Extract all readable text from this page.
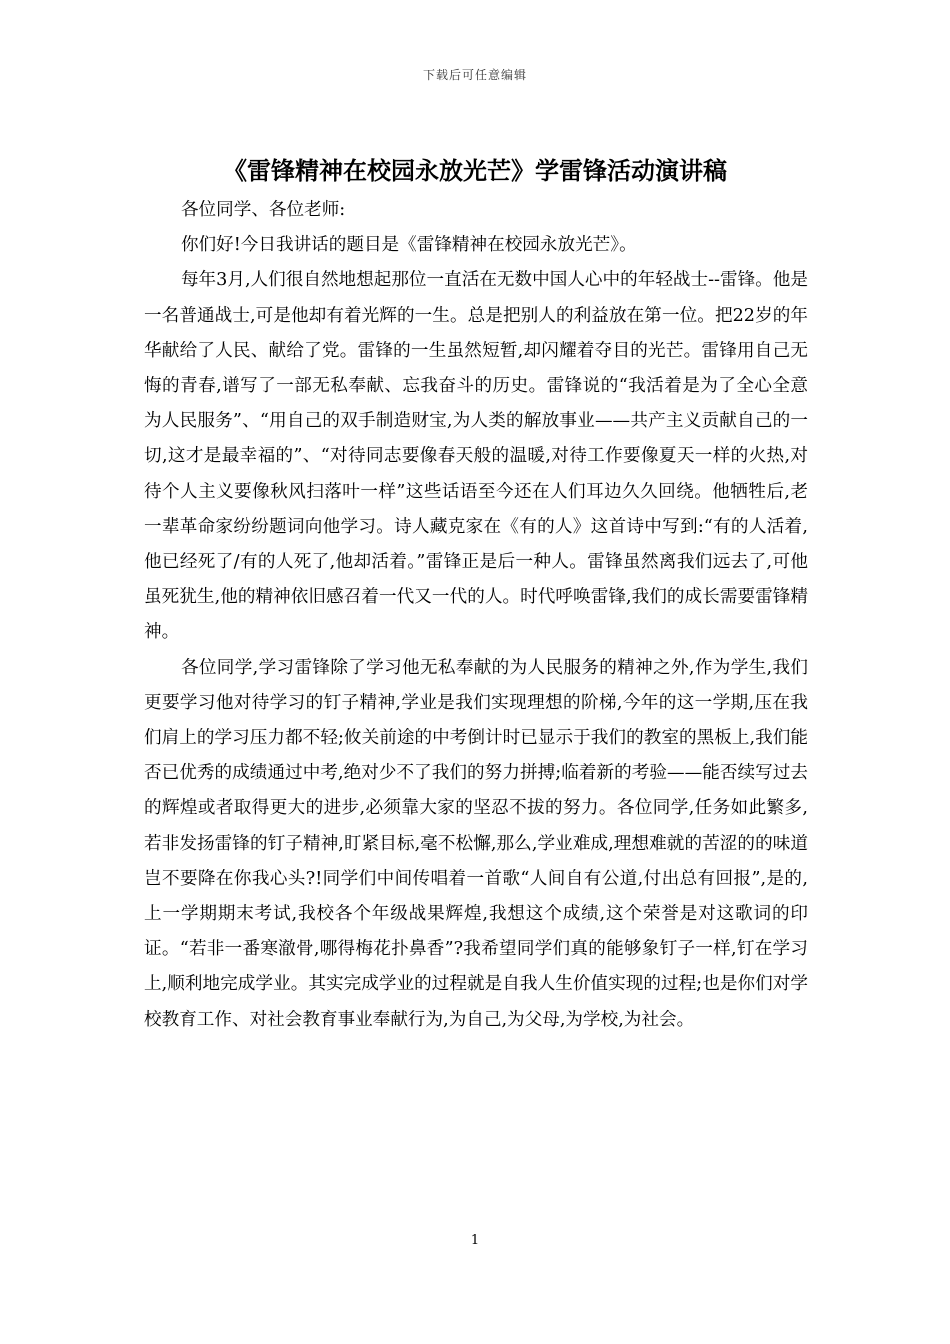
下载后可任意编辑
《雷锋精神在校园永放光芒》学雷锋活动演讲稿

各位同学、各位老师:

你们好!今日我讲话的题目是《雷锋精神在校园永放光芒》。

每年3月,人们很自然地想起那位一直活在无数中国人心中的年轻战士--雷锋。他是一名普通战士,可是他却有着光辉的一生。总是把别人的利益放在第一位。把22岁的年华献给了人民、献给了党。雷锋的一生虽然短暂,却闪耀着夺目的光芒。雷锋用自己无悔的青春,谱写了一部无私奉献、忘我奋斗的历史。雷锋说的“我活着是为了全心全意为人民服务”、“用自己的双手制造财宝,为人类的解放事业——共产主义贡献自己的一切,这才是最幸福的”、“对待同志要像春天般的温暖,对待工作要像夏天一样的火热,对待个人主义要像秋风扫落叶一样”这些话语至今还在人们耳边久久回绕。他牺牲后,老一辈革命家纷纷题词向他学习。诗人藏克家在《有的人》这首诗中写到:“有的人活着,他已经死了/有的人死了,他却活着。”雷锋正是后一种人。雷锋虽然离我们远去了,可他虽死犹生,他的精神依旧感召着一代又一代的人。时代呼唤雷锋,我们的成长需要雷锋精神。

各位同学,学习雷锋除了学习他无私奉献的为人民服务的精神之外,作为学生,我们更要学习他对待学习的钉子精神,学业是我们实现理想的阶梯,今年的这一学期,压在我们肩上的学习压力都不轻;攸关前途的中考倒计时已显示于我们的教室的黑板上,我们能否已优秀的成绩通过中考,绝对少不了我们的努力拼搏;临着新的考验——能否续写过去的辉煌或者取得更大的进步,必须靠大家的坚忍不拔的努力。各位同学,任务如此繁多,若非发扬雷锋的钉子精神,盯紧目标,毫不松懈,那么,学业难成,理想难就的苦涩的的味道岂不要降在你我心头?!同学们中间传唱着一首歌“人间自有公道,付出总有回报”,是的,上一学期期末考试,我校各个年级战果辉煌,我想这个成绩,这个荣誉是对这歌词的印证。“若非一番寒澈骨,哪得梅花扑鼻香”?我希望同学们真的能够象钉子一样,钉在学习上,顺利地完成学业。其实完成学业的过程就是自我人生价值实现的过程;也是你们对学校教育工作、对社会教育事业奉献行为,为自己,为父母,为学校,为社会。

1
